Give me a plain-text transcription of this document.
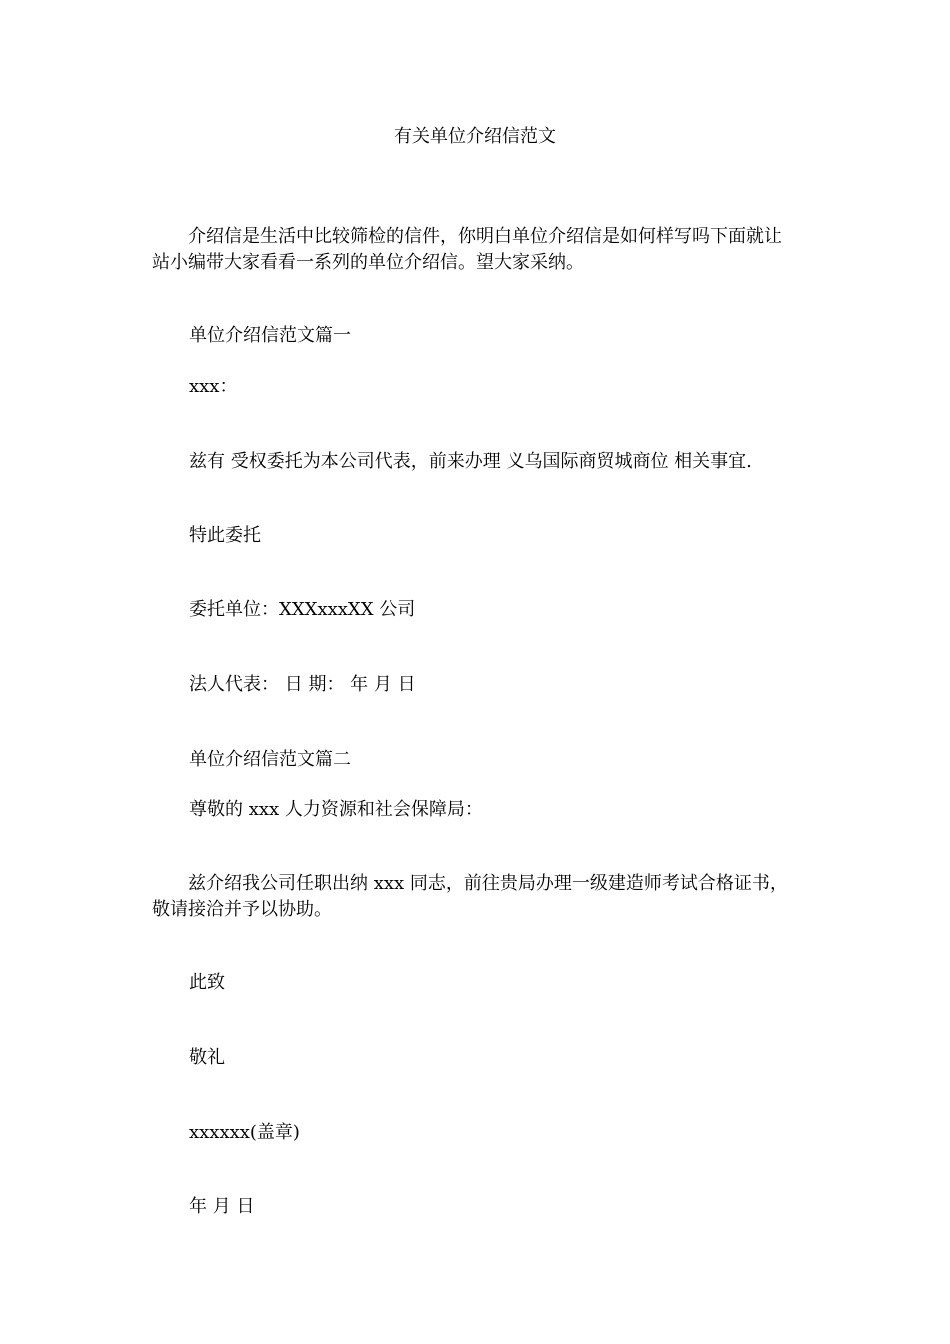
有关单位介绍信范文
介绍信是生活中比较筛检的信件，你明白单位介绍信是如何样写吗下面就让站小编带大家看看一系列的单位介绍信。望大家采纳。
单位介绍信范文篇一
xxx：
兹有 受权委托为本公司代表，前来办理 义乌国际商贸城商位 相关事宜.
特此委托
委托单位：XXXxxxXX 公司
法人代表： 日 期： 年 月 日
单位介绍信范文篇二
尊敬的 xxx 人力资源和社会保障局：
兹介绍我公司任职出纳 xxx 同志，前往贵局办理一级建造师考试合格证书，敬请接洽并予以协助。
此致
敬礼
xxxxxx(盖章)
年 月 日
